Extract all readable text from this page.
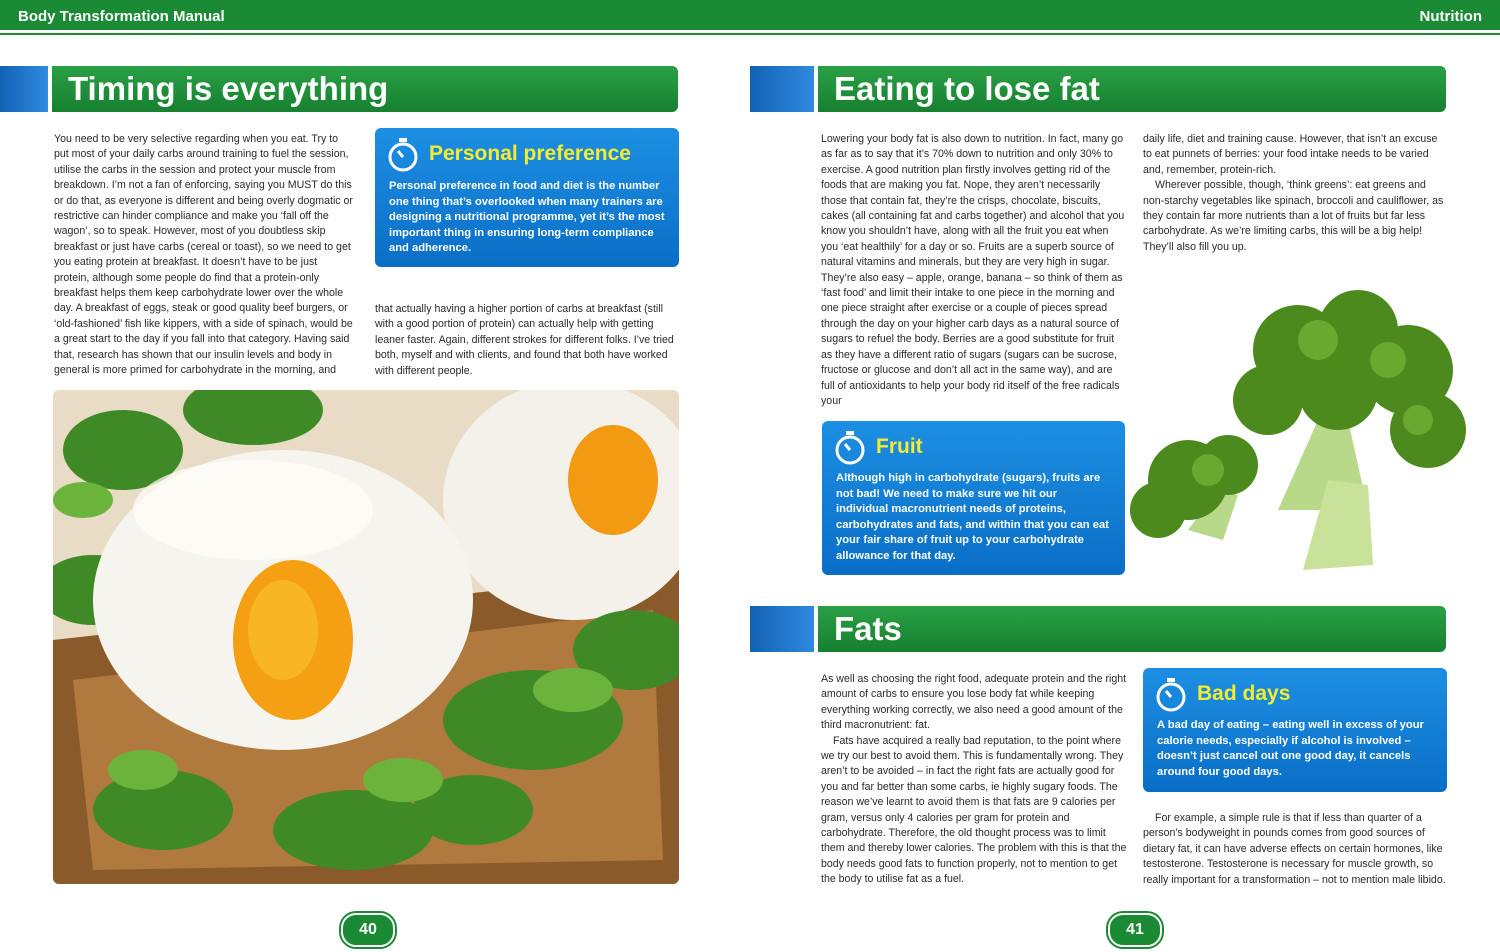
Body Transformation Manual	Nutrition
Timing is everything

You need to be very selective regarding when you eat. Try to put most of your daily carbs around training to fuel the session, utilise the carbs in the session and protect your muscle from breakdown. I’m not a fan of enforcing, saying you MUST do this or do that, as everyone is different and being overly dogmatic or restrictive can hinder compliance and make you ‘fall off the wagon’, so to speak. However, most of you doubtless skip breakfast or just have carbs (cereal or toast), so we need to get you eating protein at breakfast. It doesn’t have to be just protein, although some people do find that a protein-only breakfast helps them keep carbohydrate lower over the whole day. A breakfast of eggs, steak or good quality beef burgers, or ‘old-fashioned’ fish like kippers, with a side of spinach, would be a great start to the day if you fall into that category. Having said that, research has shown that our insulin levels and body in general is more primed for carbohydrate in the morning, and

Personal preference
Personal preference in food and diet is the number one thing that’s overlooked when many trainers are designing a nutritional programme, yet it’s the most important thing in ensuring long-term compliance and adherence.

that actually having a higher portion of carbs at breakfast (still with a good portion of protein) can actually help with getting leaner faster. Again, different strokes for different folks. I’ve tried both, myself and with clients, and found that both have worked with different people.

40
Eating to lose fat

Lowering your body fat is also down to nutrition. In fact, many go as far as to say that it’s 70% down to nutrition and only 30% to exercise. A good nutrition plan firstly involves getting rid of the foods that are making you fat. Nope, they aren’t necessarily those that contain fat, they’re the crisps, chocolate, biscuits, cakes (all containing fat and carbs together) and alcohol that you know you shouldn’t have, along with all the fruit you eat when you ‘eat healthily’ for a day or so. Fruits are a superb source of natural vitamins and minerals, but they are very high in sugar. They’re also easy – apple, orange, banana – so think of them as ‘fast food’ and limit their intake to one piece in the morning and one piece straight after exercise or a couple of pieces spread through the day on your higher carb days as a natural source of sugars to refuel the body. Berries are a good substitute for fruit as they have a different ratio of sugars (sugars can be sucrose, fructose or glucose and don’t all act in the same way), and are full of antioxidants to help your body rid itself of the free radicals your

daily life, diet and training cause. However, that isn’t an excuse to eat punnets of berries: your food intake needs to be varied and, remember, protein-rich.

Wherever possible, though, ‘think greens’: eat greens and non-starchy vegetables like spinach, broccoli and cauliflower, as they contain far more nutrients than a lot of fruits but far less carbohydrate. As we’re limiting carbs, this will be a big help! They’ll also fill you up.

Fruit
Although high in carbohydrate (sugars), fruits are not bad! We need to make sure we hit our individual macronutrient needs of proteins, carbohydrates and fats, and within that you can eat your fair share of fruit up to your carbohydrate allowance for that day.
Fats

As well as choosing the right food, adequate protein and the right amount of carbs to ensure you lose body fat while keeping everything working correctly, we also need a good amount of the third macronutrient: fat.

Fats have acquired a really bad reputation, to the point where we try our best to avoid them. This is fundamentally wrong. They aren’t to be avoided – in fact the right fats are actually good for you and far better than some carbs, ie highly sugary foods. The reason we’ve learnt to avoid them is that fats are 9 calories per gram, versus only 4 calories per gram for protein and carbohydrate. Therefore, the old thought process was to limit them and thereby lower calories. The problem with this is that the body needs good fats to function properly, not to mention to get the body to utilise fat as a fuel.

Bad days
A bad day of eating – eating well in excess of your calorie needs, especially if alcohol is involved – doesn’t just cancel out one good day, it cancels around four good days.

For example, a simple rule is that if less than quarter of a person’s bodyweight in pounds comes from good sources of dietary fat, it can have adverse effects on certain hormones, like testosterone. Testosterone is necessary for muscle growth, so really important for a transformation – not to mention male libido.

41
